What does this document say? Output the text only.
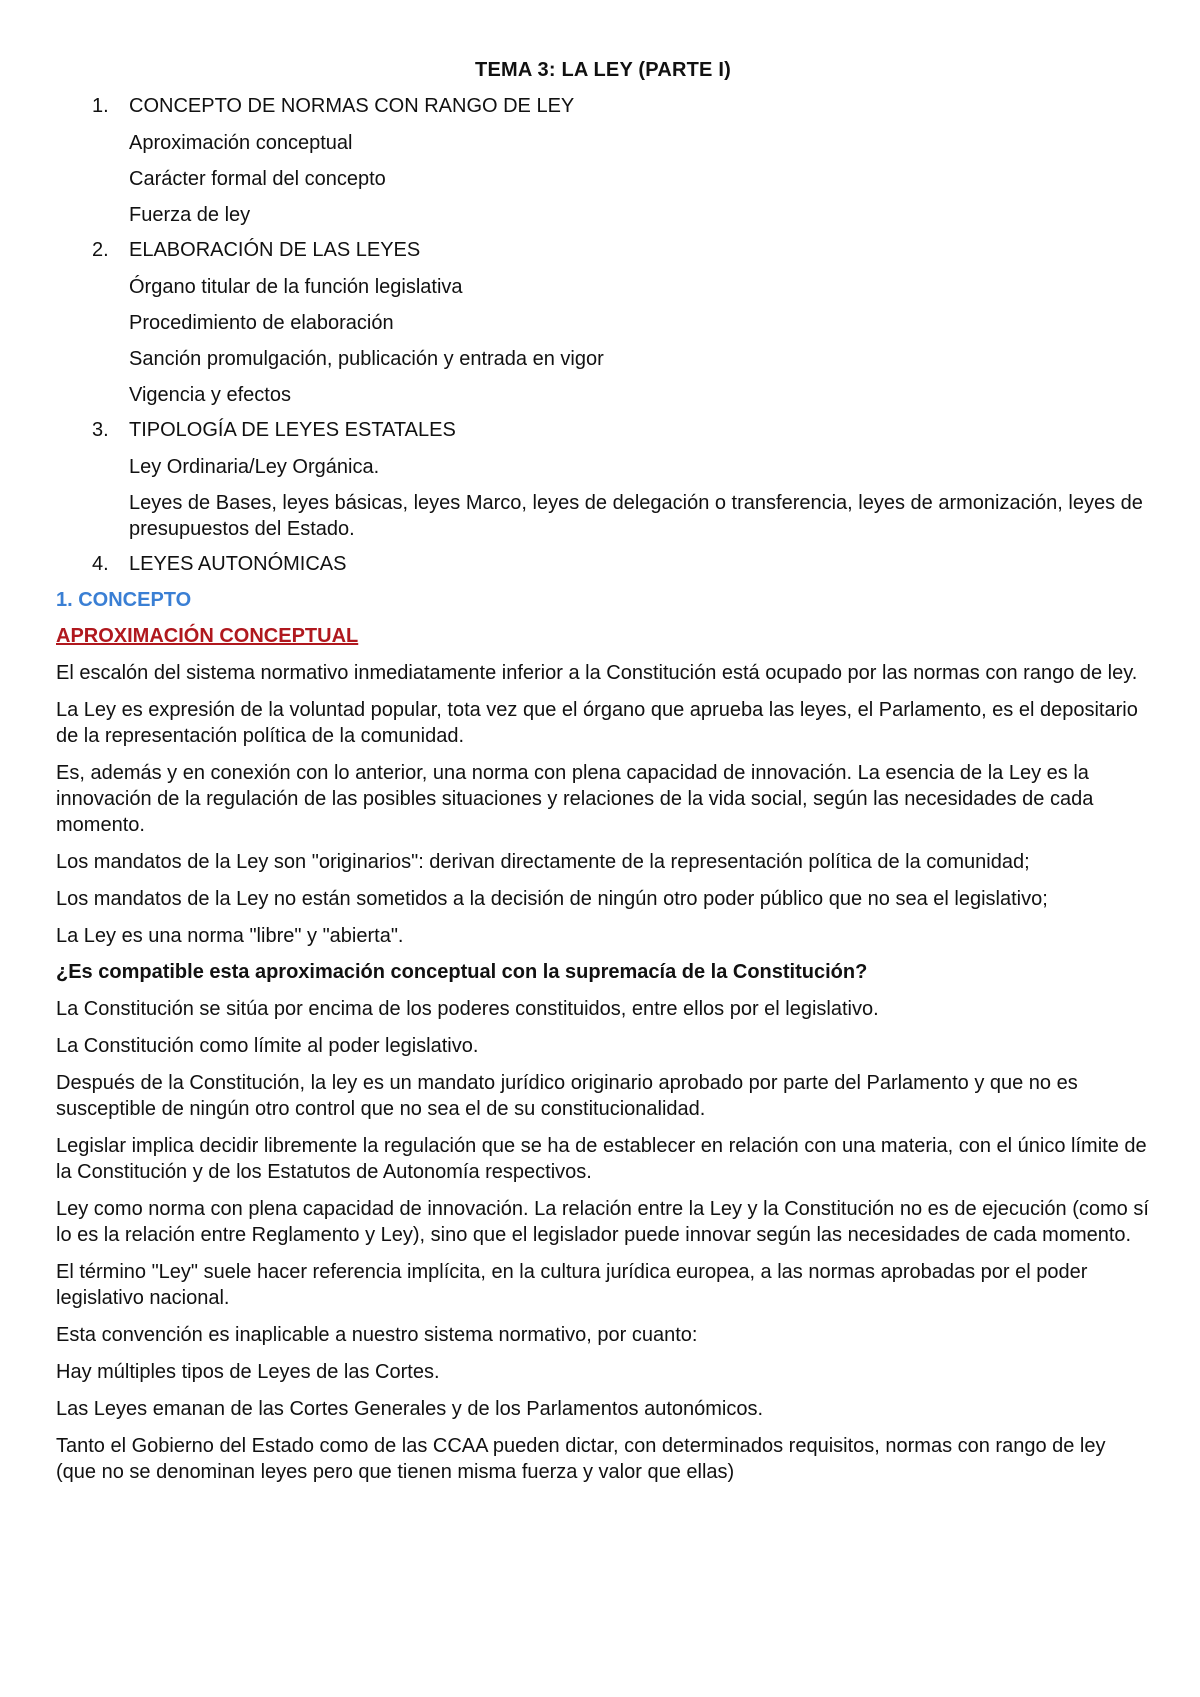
TEMA 3: LA LEY (PARTE I)
1. CONCEPTO DE NORMAS CON RANGO DE LEY
Aproximación conceptual
Carácter formal del concepto
Fuerza de ley
2. ELABORACIÓN DE LAS LEYES
Órgano titular de la función legislativa
Procedimiento de elaboración
Sanción promulgación, publicación y entrada en vigor
Vigencia y efectos
3. TIPOLOGÍA DE LEYES ESTATALES
Ley Ordinaria/Ley Orgánica.
Leyes de Bases, leyes básicas, leyes Marco, leyes de delegación o transferencia, leyes de armonización, leyes de presupuestos del Estado.
4. LEYES AUTONÓMICAS
1. CONCEPTO
APROXIMACIÓN CONCEPTUAL

El escalón del sistema normativo inmediatamente inferior a la Constitución está ocupado por las normas con rango de ley.

La Ley es expresión de la voluntad popular, tota vez que el órgano que aprueba las leyes, el Parlamento, es el depositario de la representación política de la comunidad.

Es, además y en conexión con lo anterior, una norma con plena capacidad de innovación. La esencia de la Ley es la innovación de la regulación de las posibles situaciones y relaciones de la vida social, según las necesidades de cada momento.

Los mandatos de la Ley son "originarios": derivan directamente de la representación política de la comunidad;

Los mandatos de la Ley no están sometidos a la decisión de ningún otro poder público que no sea el legislativo;

La Ley es una norma "libre" y "abierta".

¿Es compatible esta aproximación conceptual con la supremacía de la Constitución?

La Constitución se sitúa por encima de los poderes constituidos, entre ellos por el legislativo.

La Constitución como límite al poder legislativo.

Después de la Constitución, la ley es un mandato jurídico originario aprobado por parte del Parlamento y que no es susceptible de ningún otro control que no sea el de su constitucionalidad.

Legislar implica decidir libremente la regulación que se ha de establecer en relación con una materia, con el único límite de la Constitución y de los Estatutos de Autonomía respectivos.

Ley como norma con plena capacidad de innovación. La relación entre la Ley y la Constitución no es de ejecución (como sí lo es la relación entre Reglamento y Ley), sino que el legislador puede innovar según las necesidades de cada momento.

El término "Ley" suele hacer referencia implícita, en la cultura jurídica europea, a las normas aprobadas por el poder legislativo nacional.

Esta convención es inaplicable a nuestro sistema normativo, por cuanto:

Hay múltiples tipos de Leyes de las Cortes.

Las Leyes emanan de las Cortes Generales y de los Parlamentos autonómicos.

Tanto el Gobierno del Estado como de las CCAA pueden dictar, con determinados requisitos, normas con rango de ley (que no se denominan leyes pero que tienen misma fuerza y valor que ellas)
